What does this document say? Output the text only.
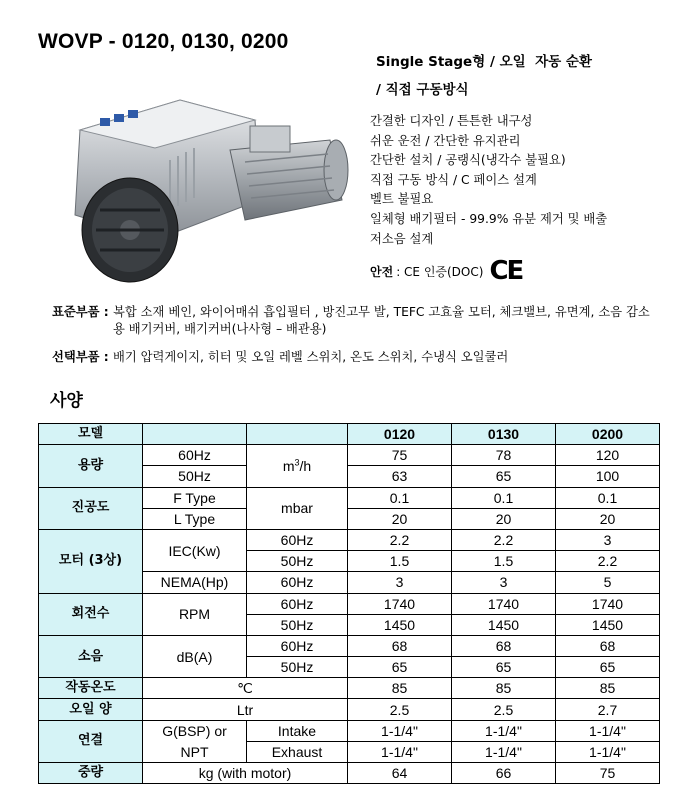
WOVP - 0120, 0130, 0200
Single Stage형 / 오일  자동 순환
/ 직접 구동방식
간결한 디자인 / 튼튼한 내구성
쉬운 운전 / 간단한 유지관리
간단한 설치 / 공랭식(냉각수 불필요)
직접 구동 방식 / C 페이스 설계
벨트 불필요
일체형 배기필터 - 99.9% 유분 제거 및 배출
저소음 설계
안전 : CE 인증(DOC) CE
표준부품 : 복합 소재 베인, 와이어매쉬 흡입필터 , 방진고무 발, TEFC 고효율 모터, 체크밸브, 유면계, 소음 감소용 배기커버, 배기커버(나사형 – 배관용)
선택부품 : 배기 압력게이지, 히터 및 오일 레벨 스위치, 온도 스위치, 수냉식 오일쿨러
사양
모델			0120	0130	0200
용량	60Hz	$m^3/h$	75	78	120
	50Hz		63	65	100
진공도	F Type	mbar	0.1	0.1	0.1
	L Type		20	20	20
모터 (3상)	IEC(Kw)	60Hz	2.2	2.2	3
		50Hz	1.5	1.5	2.2
	NEMA(Hp)	60Hz	3	3	5
회전수	RPM	60Hz	1740	1740	1740
		50Hz	1450	1450	1450
소음	dB(A)	60Hz	68	68	68
		50Hz	65	65	65
작동온도	℃		85	85	85
오일 양	Ltr		2.5	2.5	2.7
연결	G(BSP) or	Intake	1-1/4"	1-1/4"	1-1/4"
	NPT	Exhaust	1-1/4"	1-1/4"	1-1/4"
중량	kg (with motor)		64	66	75
